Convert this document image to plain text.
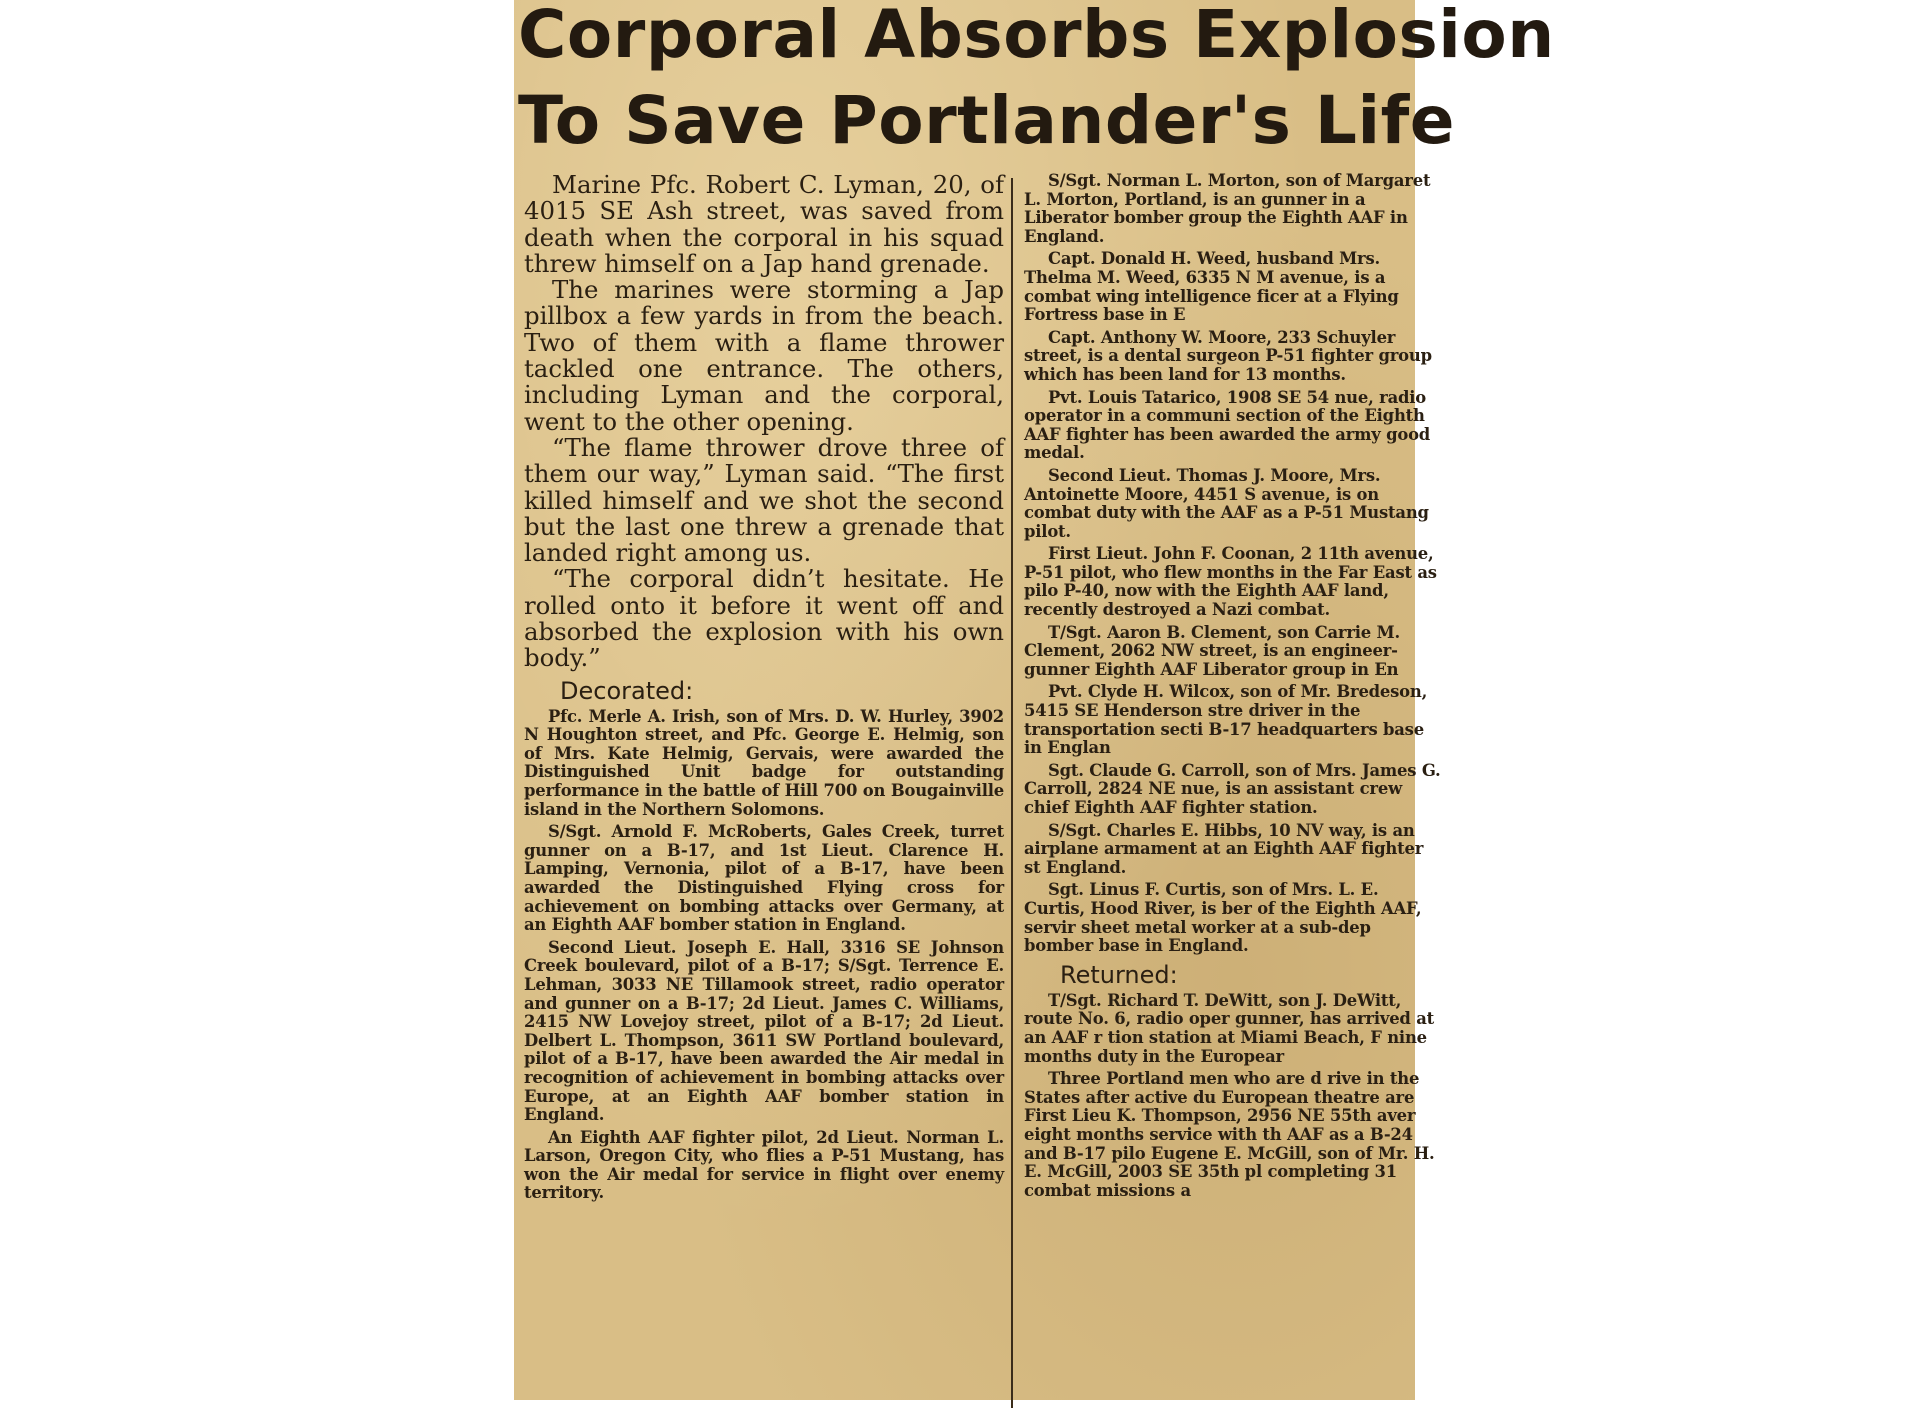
Corporal Absorbs Explosion
To Save Portlander's Life

Marine Pfc. Robert C. Lyman, 20, of 4015 SE Ash street, was saved from death when the corporal in his squad threw himself on a Jap hand grenade.

The marines were storming a Jap pillbox a few yards in from the beach. Two of them with a flame thrower tackled one entrance. The others, including Lyman and the corporal, went to the other opening.

“The flame thrower drove three of them our way,” Lyman said. “The first killed himself and we shot the second but the last one threw a grenade that landed right among us.

“The corporal didn’t hesitate. He rolled onto it before it went off and absorbed the explosion with his own body.”

Decorated:

Pfc. Merle A. Irish, son of Mrs. D. W. Hurley, 3902 N Houghton street, and Pfc. George E. Helmig, son of Mrs. Kate Helmig, Gervais, were awarded the Distinguished Unit badge for outstanding performance in the battle of Hill 700 on Bougainville island in the Northern Solomons.

S/Sgt. Arnold F. McRoberts, Gales Creek, turret gunner on a B-17, and 1st Lieut. Clarence H. Lamping, Vernonia, pilot of a B-17, have been awarded the Distinguished Flying cross for achievement on bombing attacks over Germany, at an Eighth AAF bomber station in England.

Second Lieut. Joseph E. Hall, 3316 SE Johnson Creek boulevard, pilot of a B-17; S/Sgt. Terrence E. Lehman, 3033 NE Tillamook street, radio operator and gunner on a B-17; 2d Lieut. James C. Williams, 2415 NW Lovejoy street, pilot of a B-17; 2d Lieut. Delbert L. Thompson, 3611 SW Portland boulevard, pilot of a B-17, have been awarded the Air medal in recognition of achievement in bombing attacks over Europe, at an Eighth AAF bomber station in England.

An Eighth AAF fighter pilot, 2d Lieut. Norman L. Larson, Oregon City, who flies a P-51 Mustang, has won the Air medal for service in flight over enemy territory.

S/Sgt. Norman L. Morton, son of Margaret L. Morton, Portland, is an gunner in a Liberator bomber group the Eighth AAF in England.

Capt. Donald H. Weed, husband Mrs. Thelma M. Weed, 6335 N M avenue, is a combat wing intelligence ficer at a Flying Fortress base in E

Capt. Anthony W. Moore, 233 Schuyler street, is a dental surgeon P-51 fighter group which has been land for 13 months.

Pvt. Louis Tatarico, 1908 SE 54 nue, radio operator in a communi section of the Eighth AAF fighter has been awarded the army good medal.

Second Lieut. Thomas J. Moore, Mrs. Antoinette Moore, 4451 S avenue, is on combat duty with the AAF as a P-51 Mustang pilot.

First Lieut. John F. Coonan, 2 11th avenue, P-51 pilot, who flew months in the Far East as pilo P-40, now with the Eighth AAF land, recently destroyed a Nazi combat.

T/Sgt. Aaron B. Clement, son Carrie M. Clement, 2062 NW street, is an engineer-gunner Eighth AAF Liberator group in En

Pvt. Clyde H. Wilcox, son of Mr. Bredeson, 5415 SE Henderson stre driver in the transportation secti B-17 headquarters base in Englan

Sgt. Claude G. Carroll, son of Mrs. James G. Carroll, 2824 NE nue, is an assistant crew chief Eighth AAF fighter station.

S/Sgt. Charles E. Hibbs, 10 NV way, is an airplane armament at an Eighth AAF fighter st England.

Sgt. Linus F. Curtis, son of Mrs. L. E. Curtis, Hood River, is ber of the Eighth AAF, servir sheet metal worker at a sub-dep bomber base in England.

Returned:

T/Sgt. Richard T. DeWitt, son J. DeWitt, route No. 6, radio oper gunner, has arrived at an AAF r tion station at Miami Beach, F nine months duty in the Europear

Three Portland men who are d rive in the States after active du European theatre are First Lieu K. Thompson, 2956 NE 55th aver eight months service with th AAF as a B-24 and B-17 pilo Eugene E. McGill, son of Mr. H. E. McGill, 2003 SE 35th pl completing 31 combat missions a
